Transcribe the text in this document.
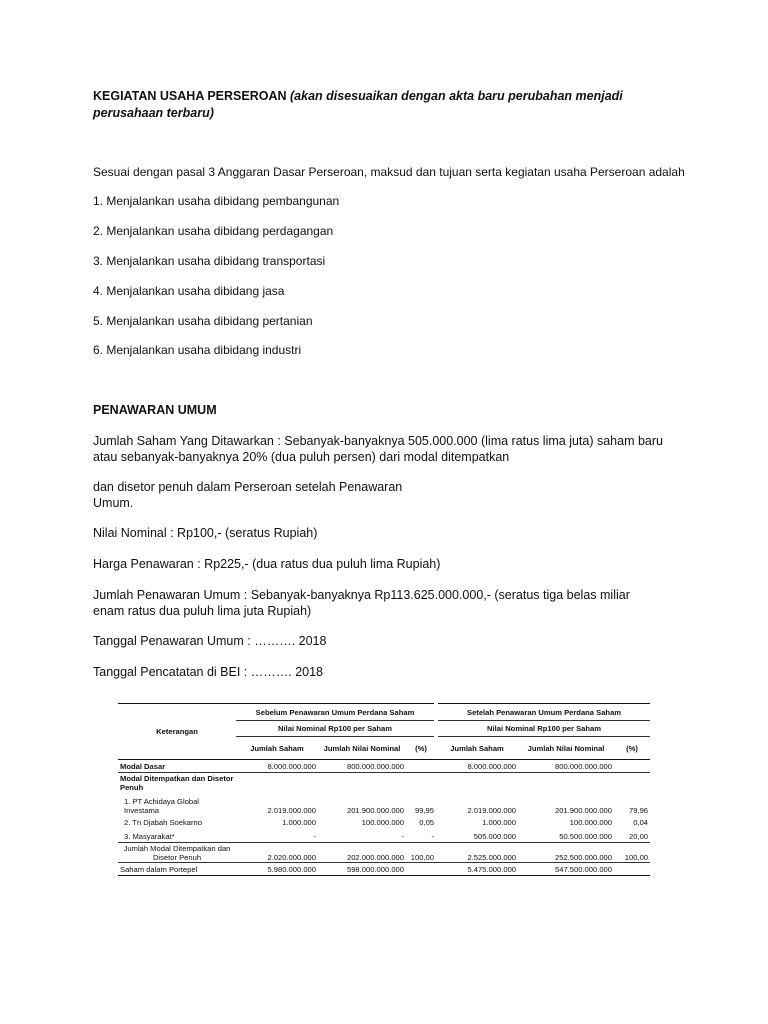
KEGIATAN USAHA PERSEROAN (akan disesuaikan dengan akta baru perubahan menjadi perusahaan terbaru)
Sesuai dengan pasal 3 Anggaran Dasar Perseroan, maksud dan tujuan serta kegiatan usaha Perseroan adalah
1. Menjalankan usaha dibidang pembangunan
2. Menjalankan usaha dibidang perdagangan
3. Menjalankan usaha dibidang transportasi
4. Menjalankan usaha dibidang jasa
5. Menjalankan usaha dibidang pertanian
6. Menjalankan usaha dibidang industri
PENAWARAN UMUM
Jumlah Saham Yang Ditawarkan : Sebanyak-banyaknya 505.000.000 (lima ratus lima juta) saham baru
atau sebanyak-banyaknya 20% (dua puluh persen) dari modal ditempatkan
dan disetor penuh dalam Perseroan setelah Penawaran
Umum.
Nilai Nominal : Rp100,- (seratus Rupiah)
Harga Penawaran : Rp225,- (dua ratus dua puluh lima Rupiah)
Jumlah Penawaran Umum : Sebanyak-banyaknya Rp113.625.000.000,- (seratus tiga belas miliar
enam ratus dua puluh lima juta Rupiah)
Tanggal Penawaran Umum : ………. 2018
Tanggal Pencatatan di BEI : ………. 2018
Keterangan	Sebelum Penawaran Umum Perdana Saham			Setelah Penawaran Umum Perdana Saham		
	Nilai Nominal Rp100 per Saham			Nilai Nominal Rp100 per Saham		
	Jumlah Saham	Jumlah Nilai Nominal	(%)	Jumlah Saham	Jumlah Nilai Nominal	(%)
Modal Dasar	8.000.000.000	800.000.000.000		8.000.000.000	800.000.000.000	
Modal Ditempatkan dan Disetor Penuh						
1. PT Achidaya Global Investama	2.019.000.000	201.900.000.000	99,95	2.019.000.000	201.900.000.000	79,96
2. Tn Djabah Soekarno	1.000.000	100.000.000	0,05	1.000.000	100.000.000	0,04
3. Masyarakat*	-	-	-	505.000.000	50.500.000.000	20,00
Jumlah Modal Ditempatkan dan Disetor Penuh	2.020.000.000	202.000.000.000	100,00	2.525.000.000	252.500.000.000	100,00
Saham dalam Portepel	5.980.000.000	598.000.000.000		5.475.000.000	547.500.000.000	
